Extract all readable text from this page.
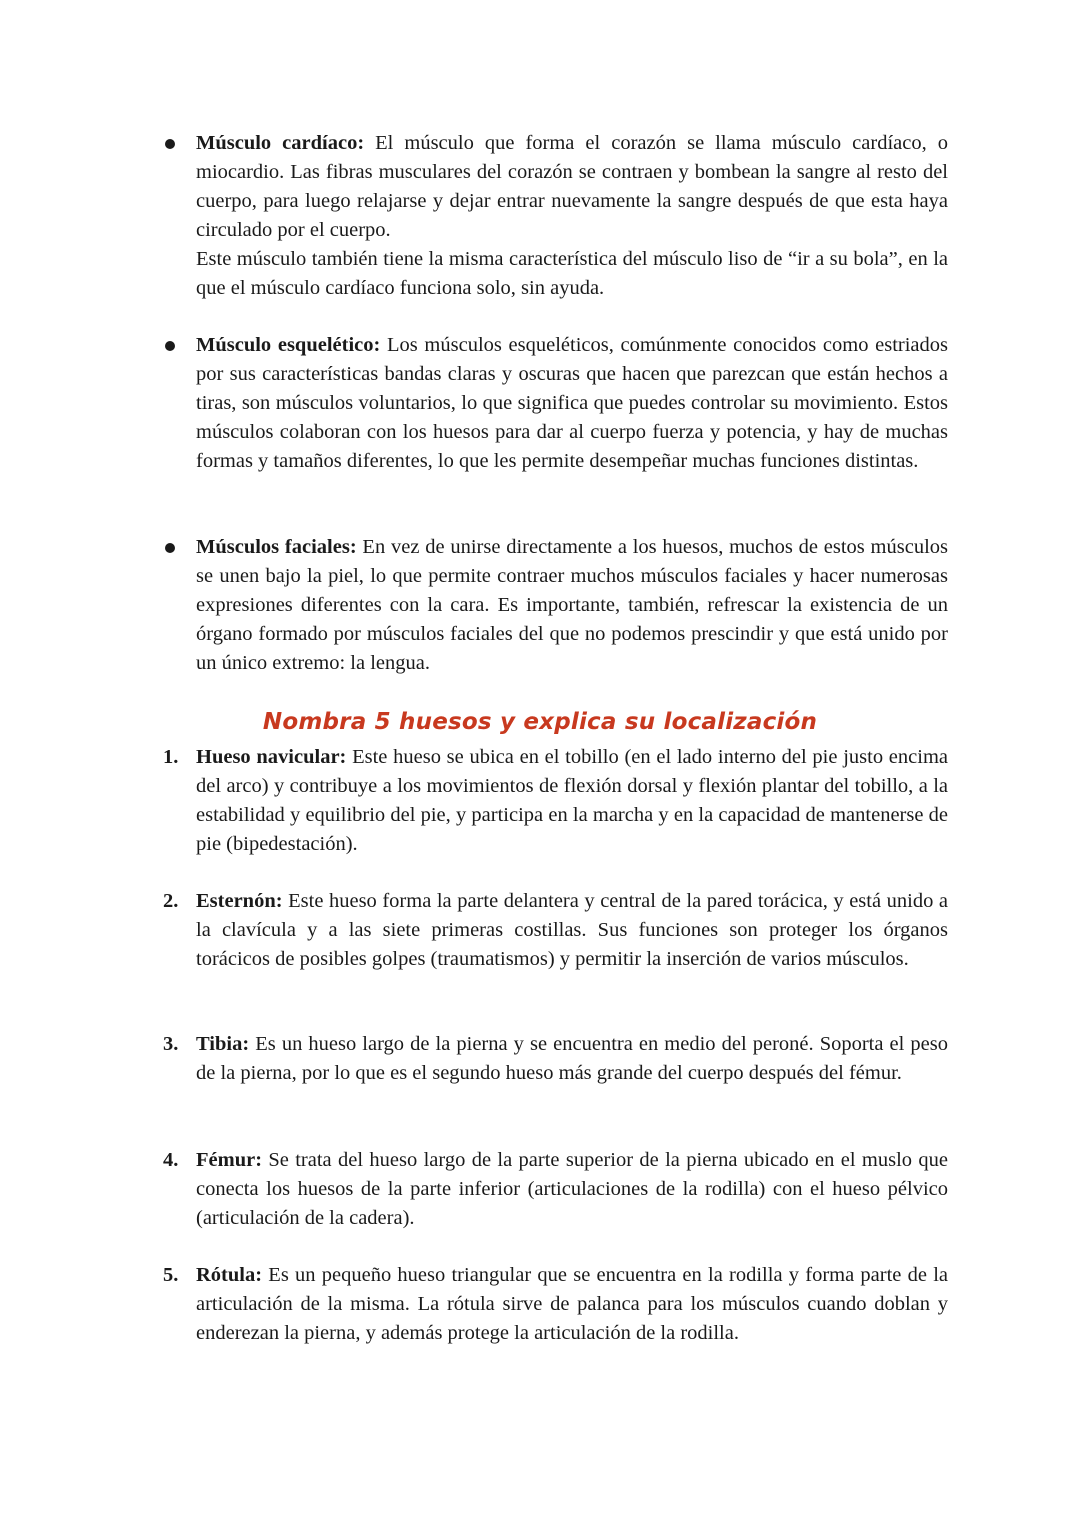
Músculo cardíaco: El músculo que forma el corazón se llama músculo cardíaco, o miocardio. Las fibras musculares del corazón se contraen y bombean la sangre al resto del cuerpo, para luego relajarse y dejar entrar nuevamente la sangre después de que esta haya circulado por el cuerpo.
Este músculo también tiene la misma característica del músculo liso de “ir a su bola”, en la que el músculo cardíaco funciona solo, sin ayuda.

Músculo esquelético: Los músculos esqueléticos, comúnmente conocidos como estriados por sus características bandas claras y oscuras que hacen que parezcan que están hechos a tiras, son músculos voluntarios, lo que significa que puedes controlar su movimiento. Estos músculos colaboran con los huesos para dar al cuerpo fuerza y potencia, y hay de muchas formas y tamaños diferentes, lo que les permite desempeñar muchas funciones distintas.

Músculos faciales: En vez de unirse directamente a los huesos, muchos de estos músculos se unen bajo la piel, lo que permite contraer muchos músculos faciales y hacer numerosas expresiones diferentes con la cara. Es importante, también, refrescar la existencia de un órgano formado por músculos faciales del que no podemos prescindir y que está unido por un único extremo: la lengua.

Nombra 5 huesos y explica su localización
1. Hueso navicular: Este hueso se ubica en el tobillo (en el lado interno del pie justo encima del arco) y contribuye a los movimientos de flexión dorsal y flexión plantar del tobillo, a la estabilidad y equilibrio del pie, y participa en la marcha y en la capacidad de mantenerse de pie (bipedestación).

2. Esternón: Este hueso forma la parte delantera y central de la pared torácica, y está unido a la clavícula y a las siete primeras costillas. Sus funciones son proteger los órganos torácicos de posibles golpes (traumatismos) y permitir la inserción de varios músculos.

3. Tibia: Es un hueso largo de la pierna y se encuentra en medio del peroné. Soporta el peso de la pierna, por lo que es el segundo hueso más grande del cuerpo después del fémur.

4. Fémur: Se trata del hueso largo de la parte superior de la pierna ubicado en el muslo que conecta los huesos de la parte inferior (articulaciones de la rodilla) con el hueso pélvico (articulación de la cadera).

5. Rótula: Es un pequeño hueso triangular que se encuentra en la rodilla y forma parte de la articulación de la misma. La rótula sirve de palanca para los músculos cuando doblan y enderezan la pierna, y además protege la articulación de la rodilla.
